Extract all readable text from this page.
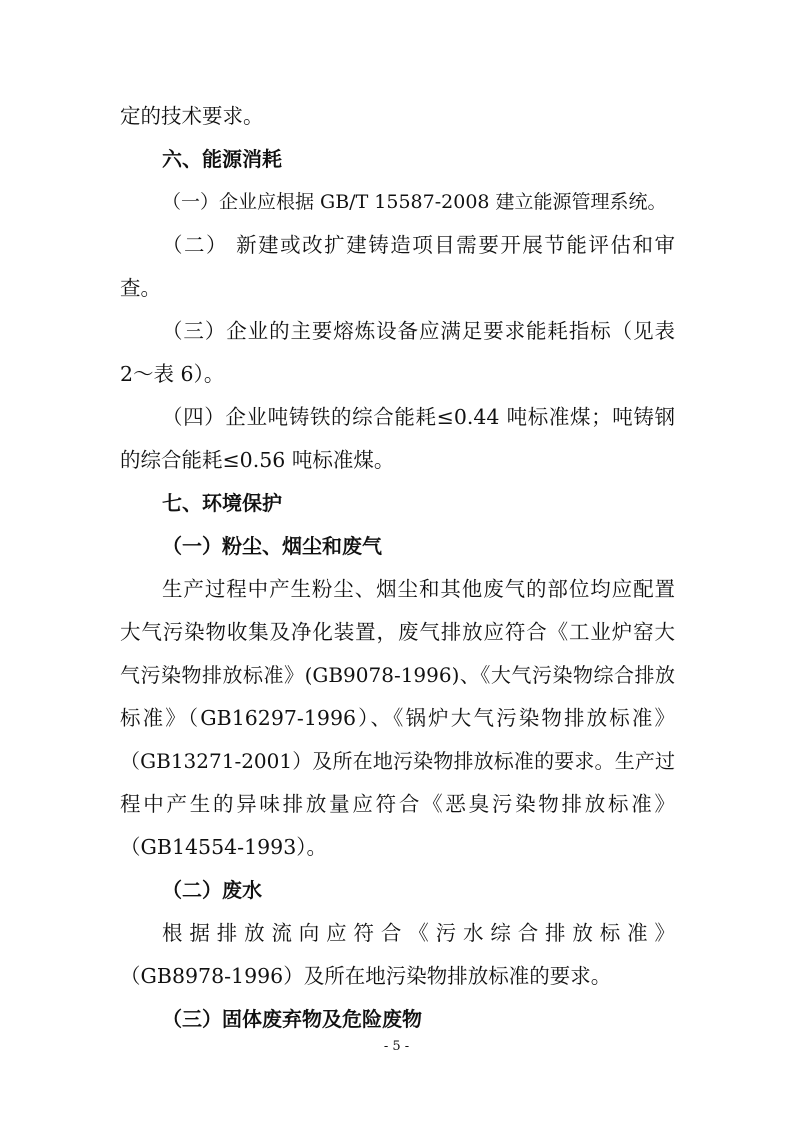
定的技术要求。
六、能源消耗
（一）企业应根据 GB/T 15587-2008 建立能源管理系统。
（二） 新建或改扩建铸造项目需要开展节能评估和审
查。
（三）企业的主要熔炼设备应满足要求能耗指标（见表
2～表 6）。
（四）企业吨铸铁的综合能耗≤0.44 吨标准煤；吨铸钢
的综合能耗≤0.56 吨标准煤。
七、环境保护
（一）粉尘、烟尘和废气
生产过程中产生粉尘、烟尘和其他废气的部位均应配置
大气污染物收集及净化装置，废气排放应符合《工业炉窑大
气污染物排放标准》(GB9078-1996)、《大气污染物综合排放
标准》（GB16297-1996）、《锅炉大气污染物排放标准》
（GB13271-2001）及所在地污染物排放标准的要求。生产过
程中产生的异味排放量应符合《恶臭污染物排放标准》
（GB14554-1993）。
（二）废水
根据排放流向应符合《污水综合排放标准》
（GB8978-1996）及所在地污染物排放标准的要求。
（三）固体废弃物及危险废物
- 5 -
